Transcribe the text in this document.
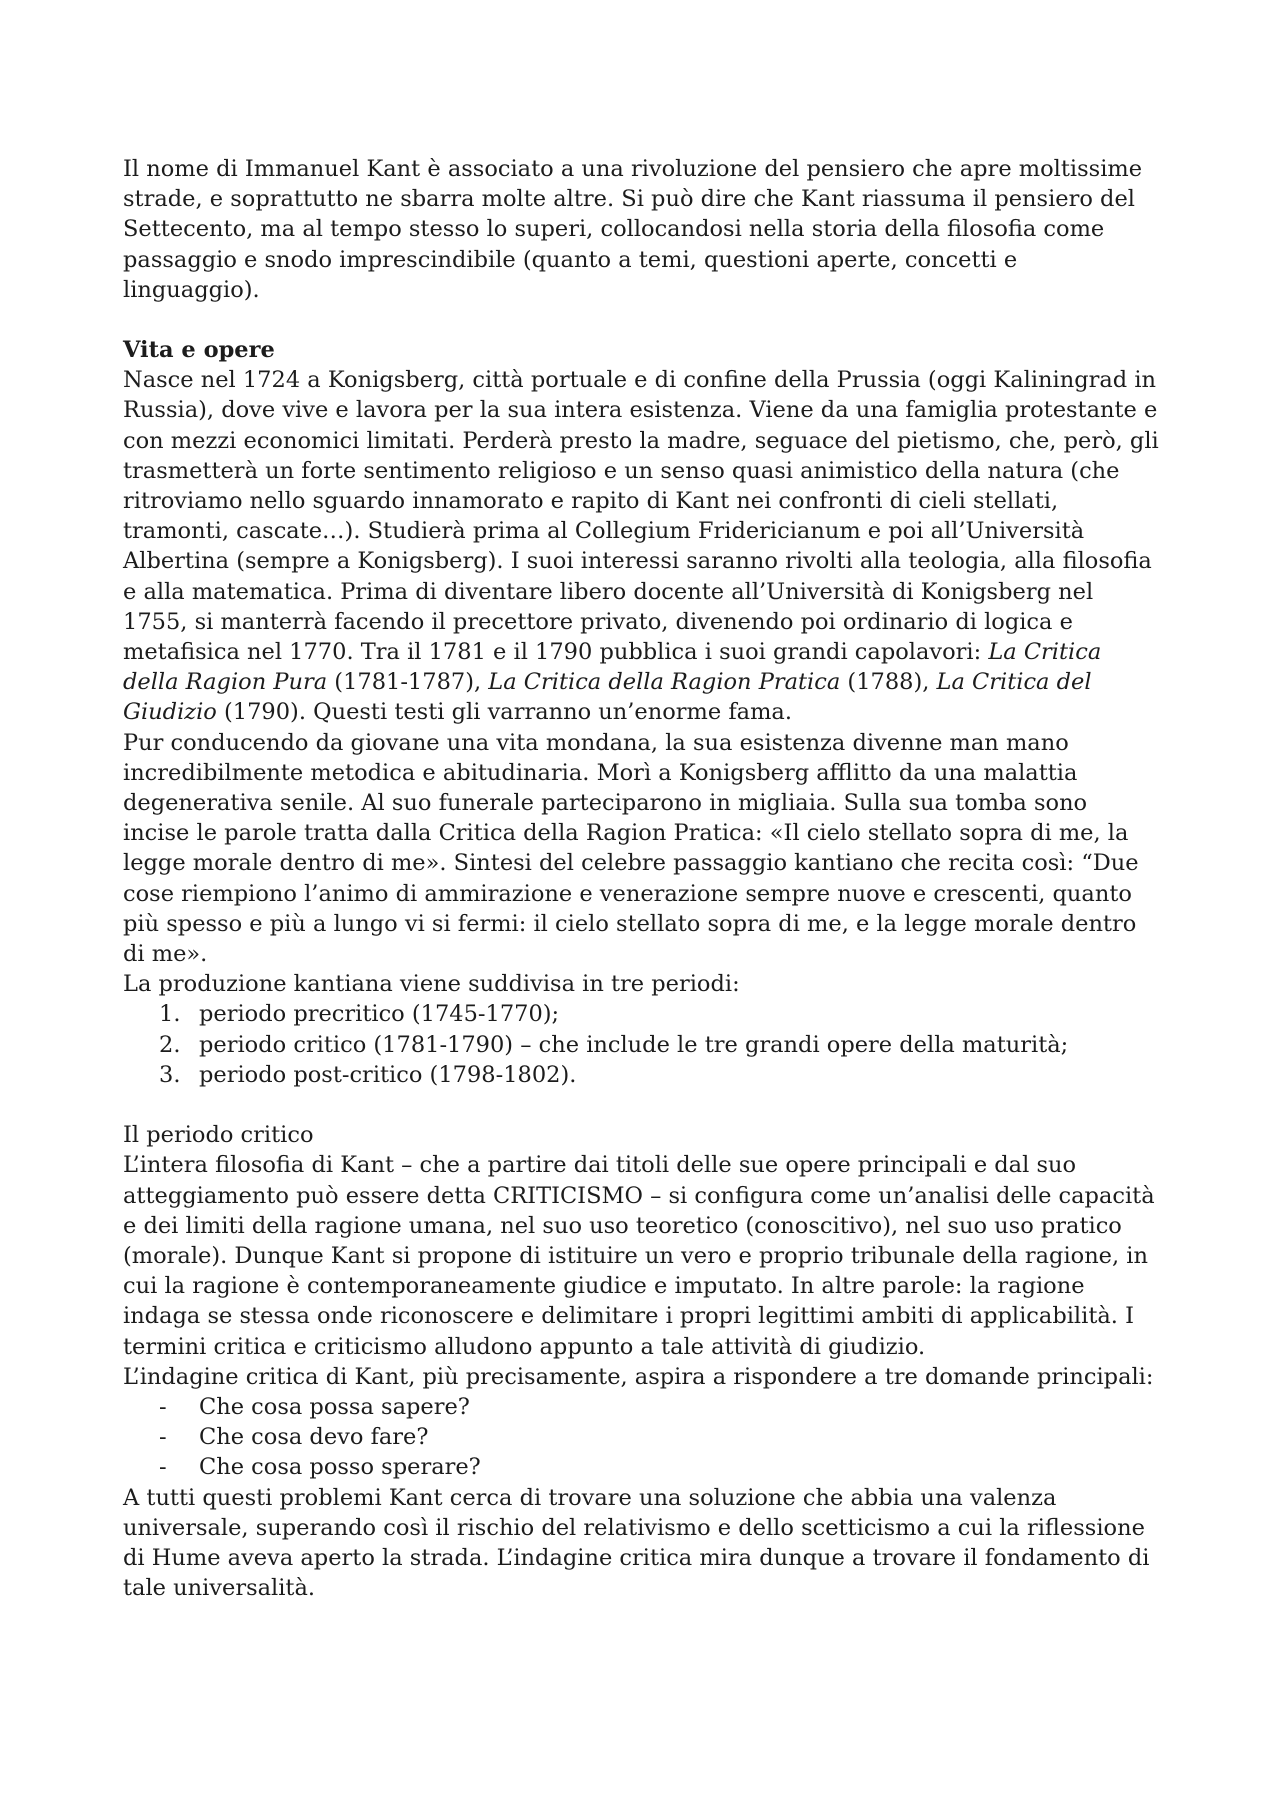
Il nome di Immanuel Kant è associato a una rivoluzione del pensiero che apre moltissime strade, e soprattutto ne sbarra molte altre. Si può dire che Kant riassuma il pensiero del Settecento, ma al tempo stesso lo superi, collocandosi nella storia della filosofia come passaggio e snodo imprescindibile (quanto a temi, questioni aperte, concetti e linguaggio).

Vita e opere

Nasce nel 1724 a Konigsberg, città portuale e di confine della Prussia (oggi Kaliningrad in Russia), dove vive e lavora per la sua intera esistenza. Viene da una famiglia protestante e con mezzi economici limitati. Perderà presto la madre, seguace del pietismo, che, però, gli trasmetterà un forte sentimento religioso e un senso quasi animistico della natura (che ritroviamo nello sguardo innamorato e rapito di Kant nei confronti di cieli stellati, tramonti, cascate…). Studierà prima al Collegium Fridericianum e poi all’Università Albertina (sempre a Konigsberg). I suoi interessi saranno rivolti alla teologia, alla filosofia e alla matematica. Prima di diventare libero docente all’Università di Konigsberg nel 1755, si manterrà facendo il precettore privato, divenendo poi ordinario di logica e metafisica nel 1770. Tra il 1781 e il 1790 pubblica i suoi grandi capolavori: La Critica della Ragion Pura (1781-1787), La Critica della Ragion Pratica (1788), La Critica del Giudizio (1790). Questi testi gli varranno un’enorme fama.

Pur conducendo da giovane una vita mondana, la sua esistenza divenne man mano incredibilmente metodica e abitudinaria. Morì a Konigsberg afflitto da una malattia degenerativa senile. Al suo funerale parteciparono in migliaia. Sulla sua tomba sono incise le parole tratta dalla Critica della Ragion Pratica: «Il cielo stellato sopra di me, la legge morale dentro di me». Sintesi del celebre passaggio kantiano che recita così: “Due cose riempiono l’animo di ammirazione e venerazione sempre nuove e crescenti, quanto più spesso e più a lungo vi si fermi: il cielo stellato sopra di me, e la legge morale dentro di me».

La produzione kantiana viene suddivisa in tre periodi:

1. periodo precritico (1745-1770);
2. periodo critico (1781-1790) – che include le tre grandi opere della maturità;
3. periodo post-critico (1798-1802).

Il periodo critico

L’intera filosofia di Kant – che a partire dai titoli delle sue opere principali e dal suo atteggiamento può essere detta CRITICISMO – si configura come un’analisi delle capacità e dei limiti della ragione umana, nel suo uso teoretico (conoscitivo), nel suo uso pratico (morale). Dunque Kant si propone di istituire un vero e proprio tribunale della ragione, in cui la ragione è contemporaneamente giudice e imputato. In altre parole: la ragione indaga se stessa onde riconoscere e delimitare i propri legittimi ambiti di applicabilità. I termini critica e criticismo alludono appunto a tale attività di giudizio.

L’indagine critica di Kant, più precisamente, aspira a rispondere a tre domande principali:

- Che cosa possa sapere?
- Che cosa devo fare?
- Che cosa posso sperare?

A tutti questi problemi Kant cerca di trovare una soluzione che abbia una valenza universale, superando così il rischio del relativismo e dello scetticismo a cui la riflessione di Hume aveva aperto la strada. L’indagine critica mira dunque a trovare il fondamento di tale universalità.
